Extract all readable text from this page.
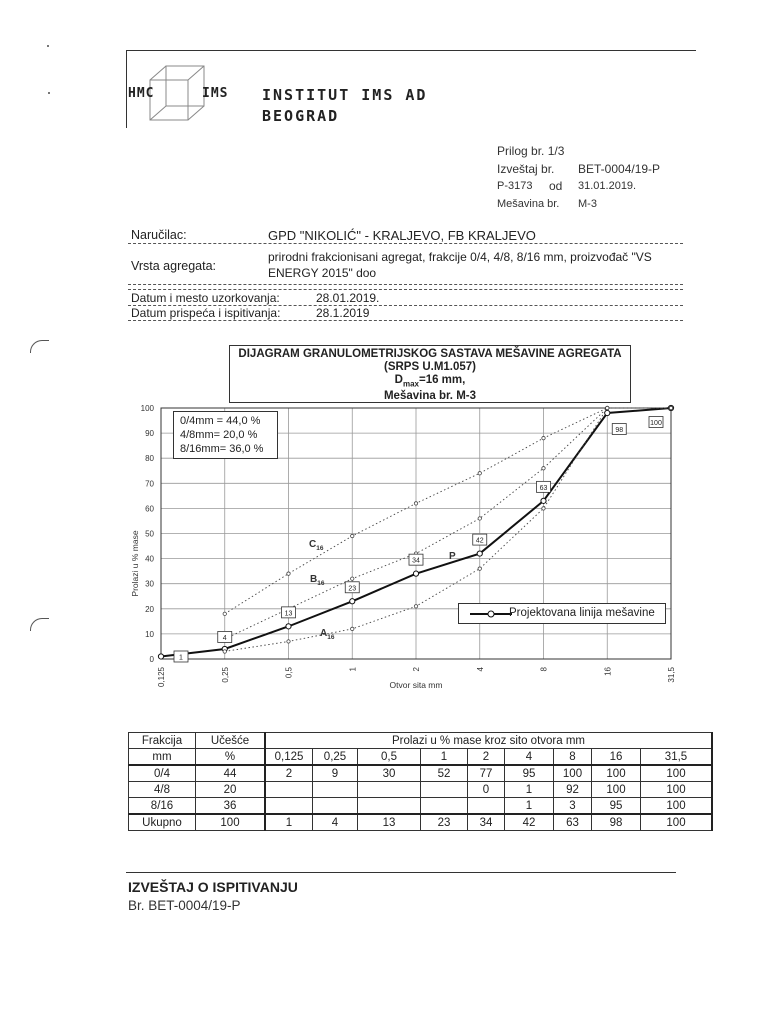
HMC	IMS INSTITUT IMS AD
BEOGRAD
Prilog br. 1/3
Izveštaj br. BET-0004/19-P
P-3173 od 31.01.2019.
Mešavina br. M-3
Naručilac:	GPD "NIKOLIĆ" - KRALJEVO, FB KRALJEVO
Vrsta agregata:
prirodni frakcionisani agregat, frakcije 0/4, 4/8, 8/16 mm, proizvođač "VS
ENERGY 2015" doo
Datum i mesto uzorkovanja:	28.01.2019.
Datum prispeća i ispitivanja:	28.1.2019
DIJAGRAM GRANULOMETRIJSKOG SASTAVA MEŠAVINE AGREGATA
(SRPS U.M1.057)
$D_{max}=16$ mm,
Mešavina br. M-3
0
10
20
30
40
50
60
70
80
90
100
0,125	0,25	0,5	1	2	4	8	16	31,5
Otvor sita mm
Prolazi u % mase
1
4
13
23
34
42
63
98
100
$C_{16}$
$B_{16}$
$A_{16}$
P
0/4mm = 44,0 %
4/8mm= 20,0 %
8/16mm= 36,0 %
Projektovana linija mešavine
Frakcija	Učešće	Prolazi u % mase kroz sito otvora mm								
mm	%	0,125	0,25	0,5	1	2	4	8	16	31,5
0/4	44	2	9	30	52	77	95	100	100	100
4/8	20					0	1	92	100	100
8/16	36						1	3	95	100
Ukupno	100	1	4	13	23	34	42	63	98	100
IZVEŠTAJ O ISPITIVANJU
Br. BET-0004/19-P
